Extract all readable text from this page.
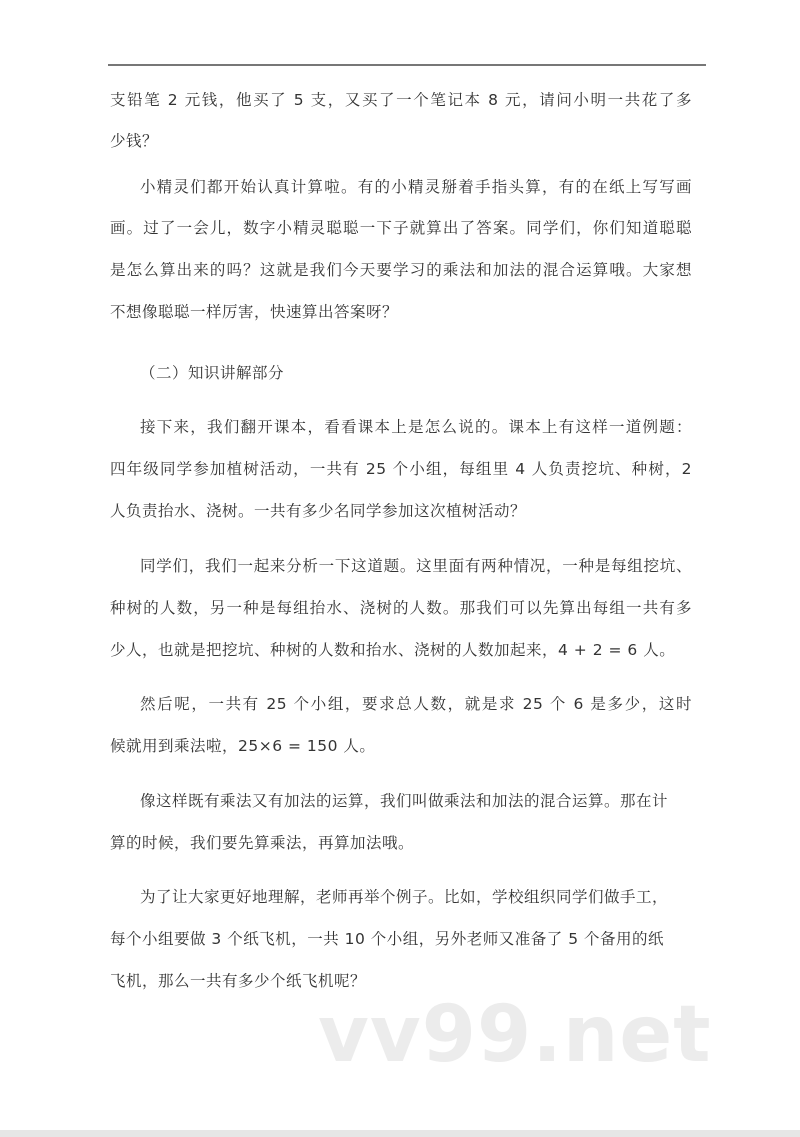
支铅笔 2 元钱，他买了 5 支，又买了一个笔记本 8 元，请问小明一共花了多
少钱？
小精灵们都开始认真计算啦。有的小精灵掰着手指头算，有的在纸上写写画
画。过了一会儿，数字小精灵聪聪一下子就算出了答案。同学们，你们知道聪聪
是怎么算出来的吗？这就是我们今天要学习的乘法和加法的混合运算哦。大家想
不想像聪聪一样厉害，快速算出答案呀？
（二）知识讲解部分
接下来，我们翻开课本，看看课本上是怎么说的。课本上有这样一道例题：
四年级同学参加植树活动，一共有 25 个小组，每组里 4 人负责挖坑、种树，2
人负责抬水、浇树。一共有多少名同学参加这次植树活动？
同学们，我们一起来分析一下这道题。这里面有两种情况，一种是每组挖坑、
种树的人数，另一种是每组抬水、浇树的人数。那我们可以先算出每组一共有多
少人，也就是把挖坑、种树的人数和抬水、浇树的人数加起来，4 + 2 = 6 人。
然后呢，一共有 25 个小组，要求总人数，就是求 25 个 6 是多少，这时
候就用到乘法啦，25×6 = 150 人。
像这样既有乘法又有加法的运算，我们叫做乘法和加法的混合运算。那在计
算的时候，我们要先算乘法，再算加法哦。
为了让大家更好地理解，老师再举个例子。比如，学校组织同学们做手工，
每个小组要做 3 个纸飞机，一共 10 个小组，另外老师又准备了 5 个备用的纸
飞机，那么一共有多少个纸飞机呢？
vv99.net
